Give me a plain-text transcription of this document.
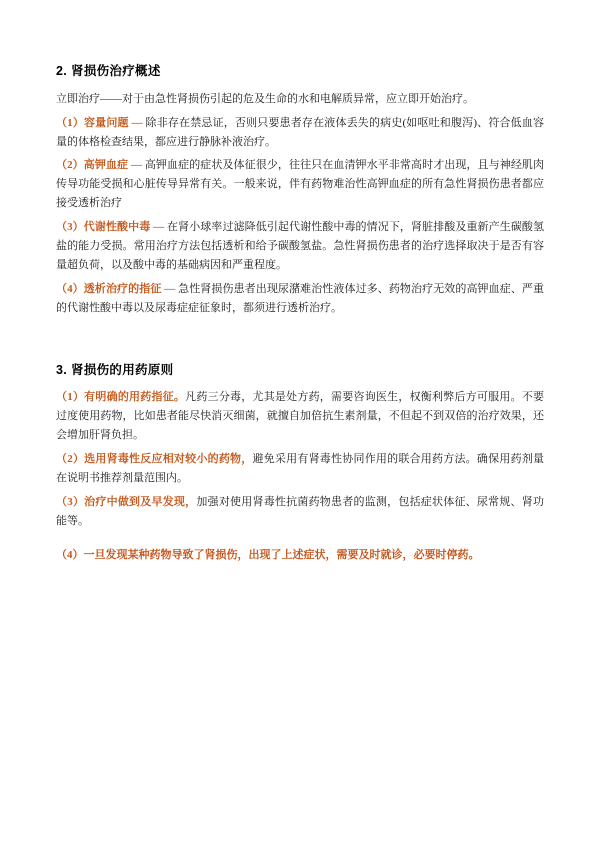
2. 肾损伤治疗概述

立即治疗——对于由急性肾损伤引起的危及生命的水和电解质异常，应立即开始治疗。

（1）容量问题 — 除非存在禁忌证，否则只要患者存在液体丢失的病史(如呕吐和腹泻)、符合低血容量的体格检查结果，都应进行静脉补液治疗。

（2）高钾血症 — 高钾血症的症状及体征很少，往往只在血清钾水平非常高时才出现，且与神经肌肉传导功能受损和心脏传导异常有关。一般来说，伴有药物难治性高钾血症的所有急性肾损伤患者都应接受透析治疗

（3）代谢性酸中毒 — 在肾小球率过滤降低引起代谢性酸中毒的情况下，肾脏排酸及重新产生碳酸氢盐的能力受损。常用治疗方法包括透析和给予碳酸氢盐。急性肾损伤患者的治疗选择取决于是否有容量超负荷，以及酸中毒的基础病因和严重程度。

（4）透析治疗的指征 — 急性肾损伤患者出现尿潴难治性液体过多、药物治疗无效的高钾血症、严重的代谢性酸中毒以及尿毒症症征象时，都须进行透析治疗。

3. 肾损伤的用药原则

（1）有明确的用药指征。凡药三分毒，尤其是处方药，需要咨询医生，权衡利弊后方可服用。不要过度使用药物，比如患者能尽快消灭细菌，就擅自加倍抗生素剂量，不但起不到双倍的治疗效果，还会增加肝肾负担。

（2）选用肾毒性反应相对较小的药物，避免采用有肾毒性协同作用的联合用药方法。确保用药剂量在说明书推荐剂量范围内。

（3）治疗中做到及早发现，加强对使用肾毒性抗菌药物患者的监测，包括症状体征、尿常规、肾功能等。

（4）一旦发现某种药物导致了肾损伤，出现了上述症状，需要及时就诊，必要时停药。
